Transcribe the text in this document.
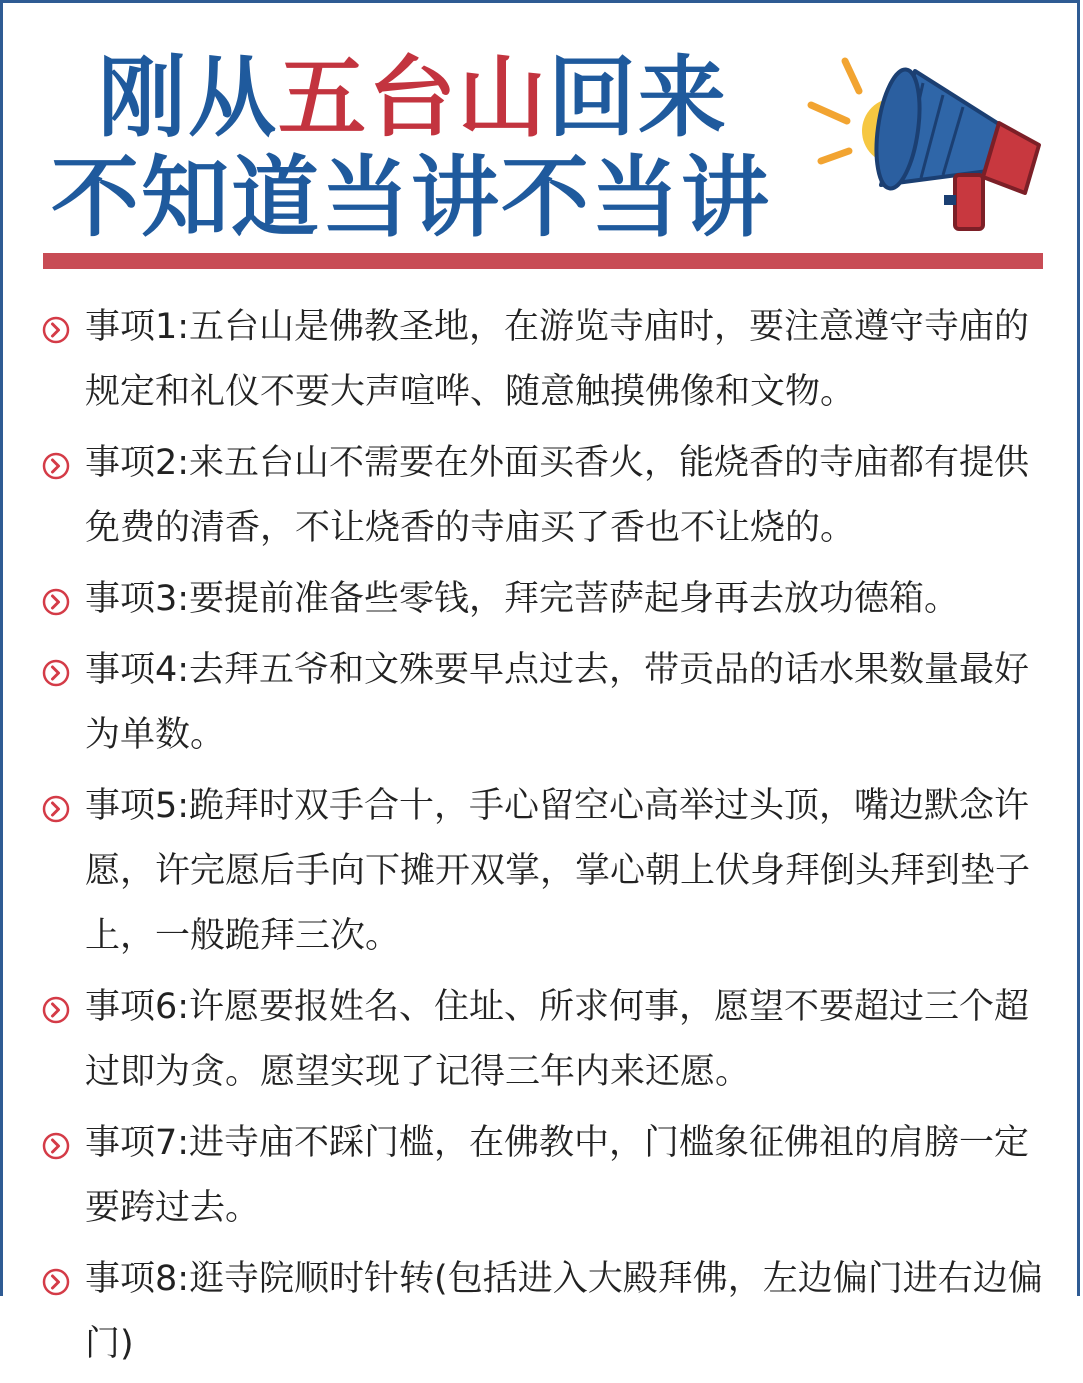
刚从五台山回来
不知道当讲不当讲
事项1:五台山是佛教圣地，在游览寺庙时，要注意遵守寺庙的规定和礼仪不要大声喧哗、随意触摸佛像和文物。
事项2:来五台山不需要在外面买香火，能烧香的寺庙都有提供免费的清香，不让烧香的寺庙买了香也不让烧的。
事项3:要提前准备些零钱，拜完菩萨起身再去放功德箱。
事项4:去拜五爷和文殊要早点过去，带贡品的话水果数量最好为单数。
事项5:跪拜时双手合十，手心留空心高举过头顶，嘴边默念许愿，许完愿后手向下摊开双掌，掌心朝上伏身拜倒头拜到垫子上，一般跪拜三次。
事项6:许愿要报姓名、住址、所求何事，愿望不要超过三个超过即为贪。愿望实现了记得三年内来还愿。
事项7:进寺庙不踩门槛，在佛教中，门槛象征佛祖的肩膀一定要跨过去。
事项8:逛寺院顺时针转(包括进入大殿拜佛，左边偏门进右边偏门)
